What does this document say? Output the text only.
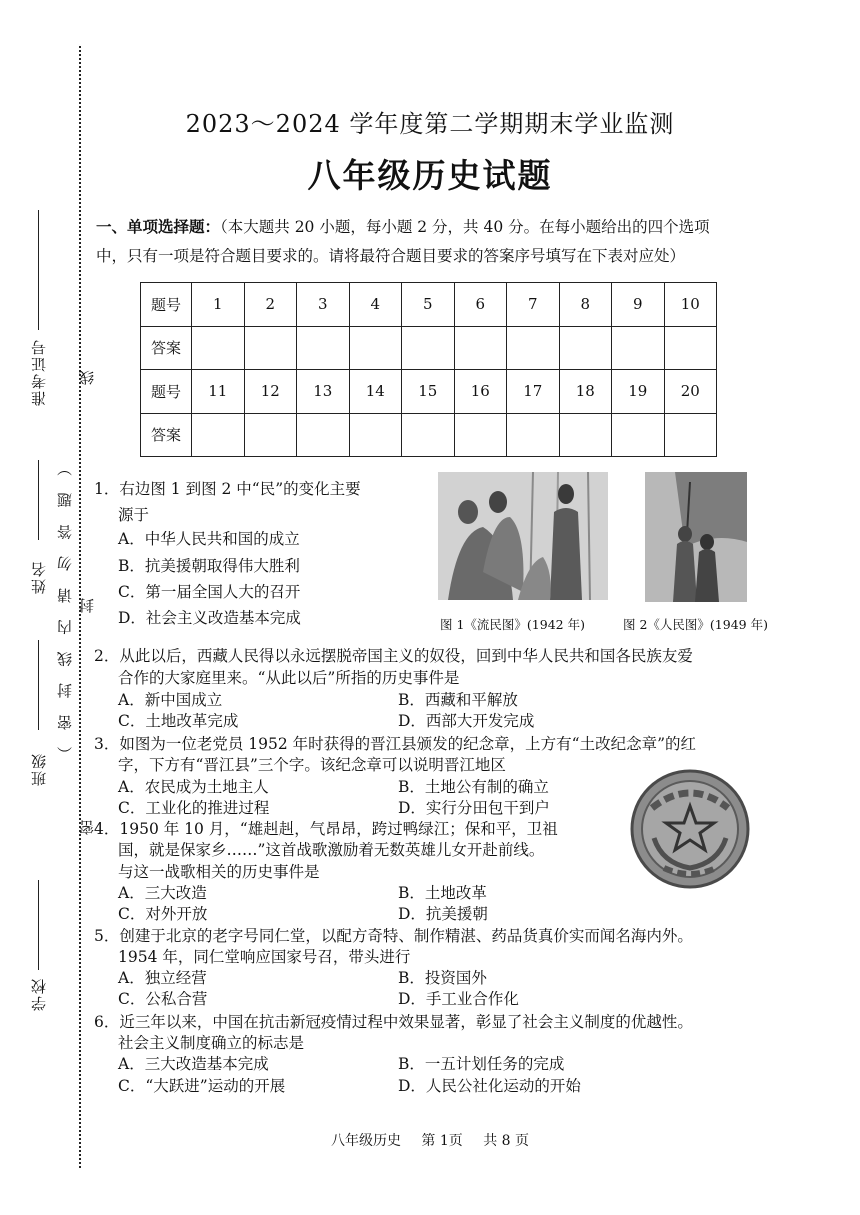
准考证号
姓名
班级
学校
（ 密 封 线 内 请 勿 答 题 ）
线
封
密
2023～2024 学年度第二学期期末学业监测
八年级历史试题
一、单项选择题：（本大题共 20 小题，每小题 2 分，共 40 分。在每小题给出的四个选项
中，只有一项是符合题目要求的。请将最符合题目要求的答案序号填写在下表对应处）
题号	1	2	3	4	5	6	7	8	9	10
答案										
题号	11	12	13	14	15	16	17	18	19	20
答案										
1．右边图 1 到图 2 中“民”的变化主要
源于
A．中华人民共和国的成立
B．抗美援朝取得伟大胜利
C．第一届全国人大的召开
D．社会主义改造基本完成	图 1《流民图》(1942 年)	图 2《人民图》(1949 年)
2．从此以后，西藏人民得以永远摆脱帝国主义的奴役，回到中华人民共和国各民族友爱
合作的大家庭里来。“从此以后”所指的历史事件是
A．新中国成立	B．西藏和平解放
C．土地改革完成	D．西部大开发完成
3．如图为一位老党员 1952 年时获得的晋江县颁发的纪念章，上方有“土改纪念章”的红
字，下方有“晋江县”三个字。该纪念章可以说明晋江地区
A．农民成为土地主人	B．土地公有制的确立
C．工业化的推进过程	D．实行分田包干到户
4．1950 年 10 月，“雄赳赳，气昂昂，跨过鸭绿江；保和平，卫祖
国，就是保家乡……”这首战歌激励着无数英雄儿女开赴前线。
与这一战歌相关的历史事件是
A．三大改造	B．土地改革
C．对外开放	D．抗美援朝
5．创建于北京的老字号同仁堂，以配方奇特、制作精湛、药品货真价实而闻名海内外。
1954 年，同仁堂响应国家号召，带头进行
A．独立经营	B．投资国外
C．公私合营	D．手工业合作化
6．近三年以来，中国在抗击新冠疫情过程中效果显著，彰显了社会主义制度的优越性。
社会主义制度确立的标志是
A．三大改造基本完成	B．一五计划任务的完成
C．“大跃进”运动的开展	D．人民公社化运动的开始
八年级历史 第 1页 共 8 页
